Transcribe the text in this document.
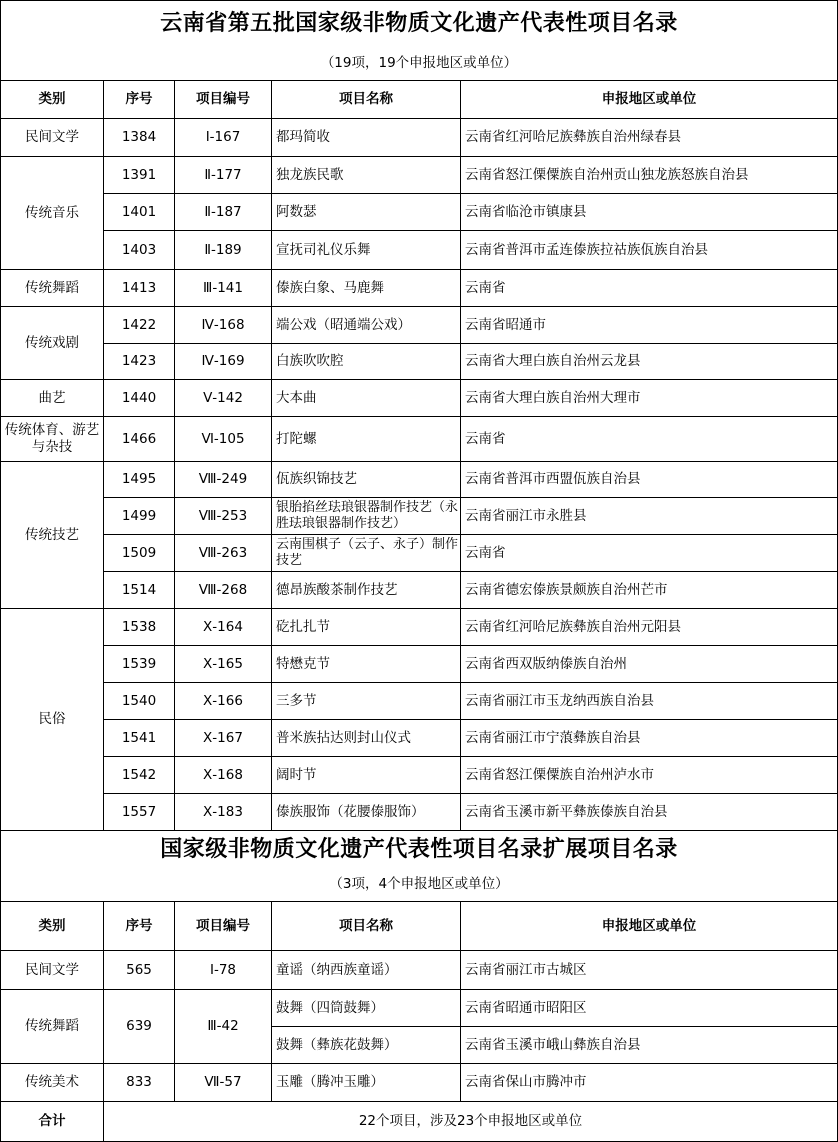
云南省第五批国家级非物质文化遗产代表性项目名录				
（19项，19个申报地区或单位）				
类别	序号	项目编号	项目名称	申报地区或单位
民间文学	1384	Ⅰ-167	都玛简收	云南省红河哈尼族彝族自治州绿春县
传统音乐	1391	Ⅱ-177	独龙族民歌	云南省怒江傈僳族自治州贡山独龙族怒族自治县
	1401	Ⅱ-187	阿数瑟	云南省临沧市镇康县
	1403	Ⅱ-189	宣抚司礼仪乐舞	云南省普洱市孟连傣族拉祜族佤族自治县
传统舞蹈	1413	Ⅲ-141	傣族白象、马鹿舞	云南省
传统戏剧	1422	Ⅳ-168	端公戏（昭通端公戏）	云南省昭通市
	1423	Ⅳ-169	白族吹吹腔	云南省大理白族自治州云龙县
曲艺	1440	Ⅴ-142	大本曲	云南省大理白族自治州大理市
传统体育、游艺与杂技	1466	Ⅵ-105	打陀螺	云南省
传统技艺	1495	Ⅷ-249	佤族织锦技艺	云南省普洱市西盟佤族自治县
	1499	Ⅷ-253	银胎掐丝珐琅银器制作技艺（永胜珐琅银器制作技艺）	云南省丽江市永胜县
	1509	Ⅷ-263	云南围棋子（云子、永子）制作技艺	云南省
	1514	Ⅷ-268	德昂族酸茶制作技艺	云南省德宏傣族景颇族自治州芒市
民俗	1538	Ⅹ-164	矻扎扎节	云南省红河哈尼族彝族自治州元阳县
	1539	Ⅹ-165	特懋克节	云南省西双版纳傣族自治州
	1540	Ⅹ-166	三多节	云南省丽江市玉龙纳西族自治县
	1541	Ⅹ-167	普米族拈达则封山仪式	云南省丽江市宁蒗彝族自治县
	1542	Ⅹ-168	阔时节	云南省怒江傈僳族自治州泸水市
	1557	Ⅹ-183	傣族服饰（花腰傣服饰）	云南省玉溪市新平彝族傣族自治县
国家级非物质文化遗产代表性项目名录扩展项目名录				
（3项，4个申报地区或单位）				
类别	序号	项目编号	项目名称	申报地区或单位
民间文学	565	Ⅰ-78	童谣（纳西族童谣）	云南省丽江市古城区
传统舞蹈	639	Ⅲ-42	鼓舞（四筒鼓舞）	云南省昭通市昭阳区
			鼓舞（彝族花鼓舞）	云南省玉溪市峨山彝族自治县
传统美术	833	Ⅶ-57	玉雕（腾冲玉雕）	云南省保山市腾冲市
合计	22个项目，涉及23个申报地区或单位			
